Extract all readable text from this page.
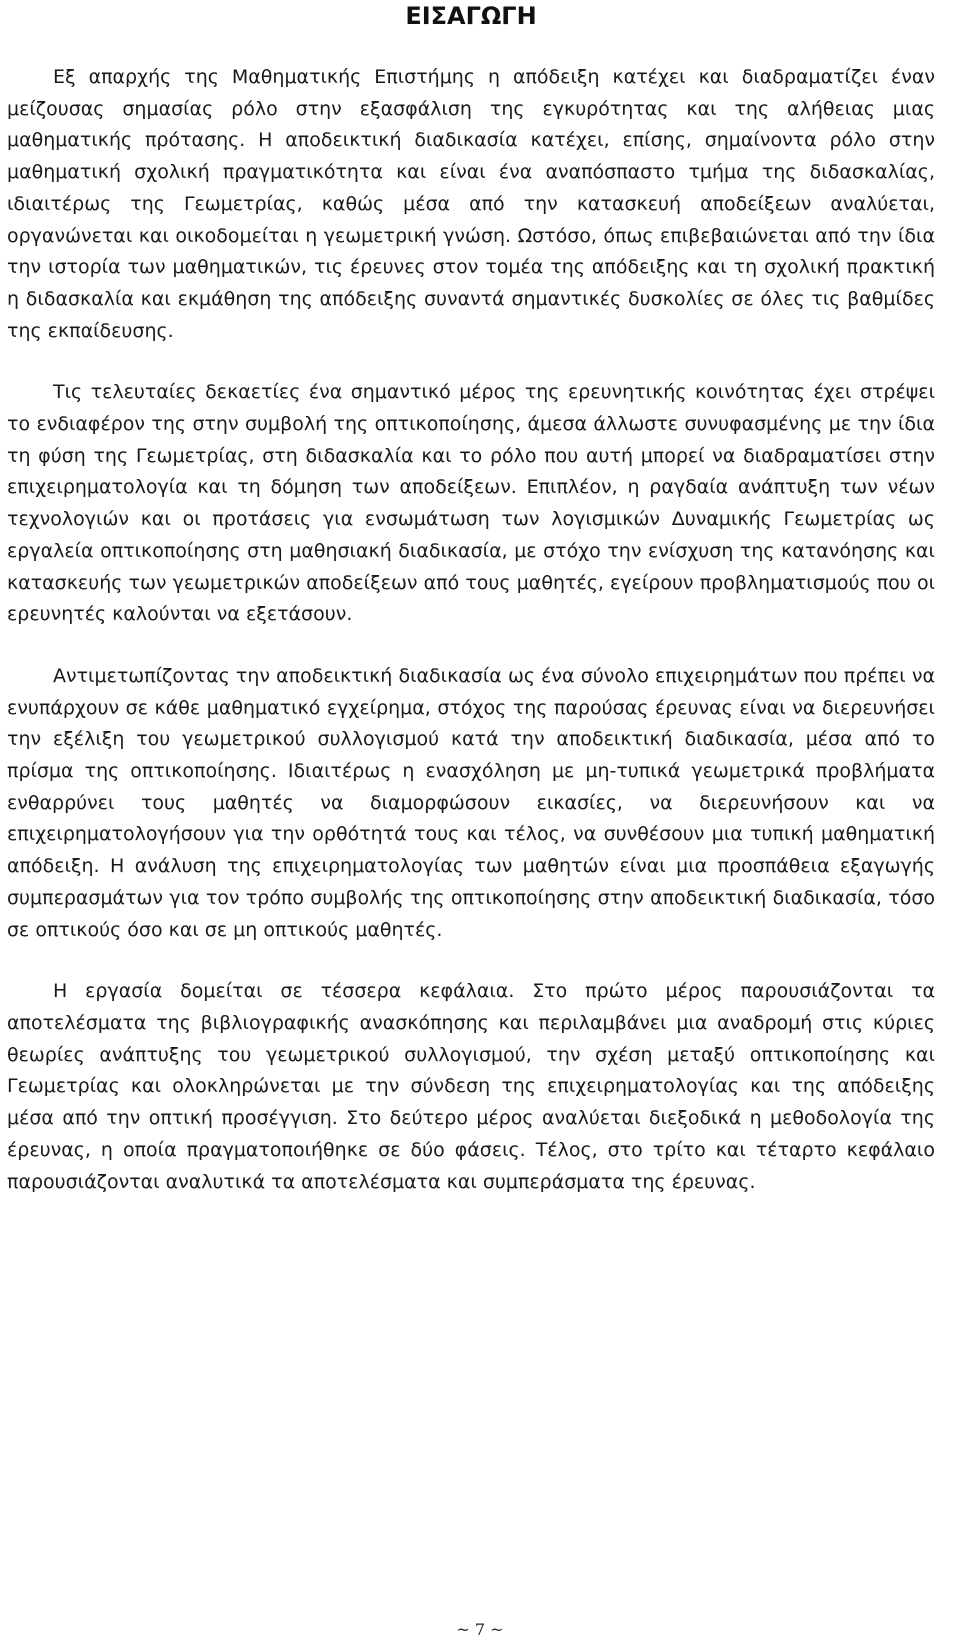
ΕΙΣΑΓΩΓΗ

Εξ απαρχής της Μαθηματικής Επιστήμης η απόδειξη κατέχει και διαδραματίζει έναν μείζουσας σημασίας ρόλο στην εξασφάλιση της εγκυρότητας και της αλήθειας μιας μαθηματικής πρότασης. Η αποδεικτική διαδικασία κατέχει, επίσης, σημαίνοντα ρόλο στην μαθηματική σχολική πραγματικότητα και είναι ένα αναπόσπαστο τμήμα της διδασκαλίας, ιδιαιτέρως της Γεωμετρίας, καθώς μέσα από την κατασκευή αποδείξεων αναλύεται, οργανώνεται και οικοδομείται η γεωμετρική γνώση. Ωστόσο, όπως επιβεβαιώνεται από την ίδια την ιστορία των μαθηματικών, τις έρευνες στον τομέα της απόδειξης και τη σχολική πρακτική η διδασκαλία και εκμάθηση της απόδειξης συναντά σημαντικές δυσκολίες σε όλες τις βαθμίδες της εκπαίδευσης.

Τις τελευταίες δεκαετίες ένα σημαντικό μέρος της ερευνητικής κοινότητας έχει στρέψει το ενδιαφέρον της στην συμβολή της οπτικοποίησης, άμεσα άλλωστε συνυφασμένης με την ίδια τη φύση της Γεωμετρίας, στη διδασκαλία και το ρόλο που αυτή μπορεί να διαδραματίσει στην επιχειρηματολογία και τη δόμηση των αποδείξεων. Επιπλέον, η ραγδαία ανάπτυξη των νέων τεχνολογιών και οι προτάσεις για ενσωμάτωση των λογισμικών Δυναμικής Γεωμετρίας ως εργαλεία οπτικοποίησης στη μαθησιακή διαδικασία, με στόχο την ενίσχυση της κατανόησης και κατασκευής των γεωμετρικών αποδείξεων από τους μαθητές, εγείρουν προβληματισμούς που οι ερευνητές καλούνται να εξετάσουν.

Αντιμετωπίζοντας την αποδεικτική διαδικασία ως ένα σύνολο επιχειρημάτων που πρέπει να ενυπάρχουν σε κάθε μαθηματικό εγχείρημα, στόχος της παρούσας έρευνας είναι να διερευνήσει την εξέλιξη του γεωμετρικού συλλογισμού κατά την αποδεικτική διαδικασία, μέσα από το πρίσμα της οπτικοποίησης. Ιδιαιτέρως η ενασχόληση με μη-τυπικά γεωμετρικά προβλήματα ενθαρρύνει τους μαθητές να διαμορφώσουν εικασίες, να διερευνήσουν και να επιχειρηματολογήσουν για την ορθότητά τους και τέλος, να συνθέσουν μια τυπική μαθηματική απόδειξη. Η ανάλυση της επιχειρηματολογίας των μαθητών είναι μια προσπάθεια εξαγωγής συμπερασμάτων για τον τρόπο συμβολής της οπτικοποίησης στην αποδεικτική διαδικασία, τόσο σε οπτικούς όσο και σε μη οπτικούς μαθητές.

Η εργασία δομείται σε τέσσερα κεφάλαια. Στο πρώτο μέρος παρουσιάζονται τα αποτελέσματα της βιβλιογραφικής ανασκόπησης και περιλαμβάνει μια αναδρομή στις κύριες θεωρίες ανάπτυξης του γεωμετρικού συλλογισμού, την σχέση μεταξύ οπτικοποίησης και Γεωμετρίας και ολοκληρώνεται με την σύνδεση της επιχειρηματολογίας και της απόδειξης μέσα από την οπτική προσέγγιση. Στο δεύτερο μέρος αναλύεται διεξοδικά η μεθοδολογία της έρευνας, η οποία πραγματοποιήθηκε σε δύο φάσεις. Τέλος, στο τρίτο και τέταρτο κεφάλαιο παρουσιάζονται αναλυτικά τα αποτελέσματα και συμπεράσματα της έρευνας.

~ 7 ~
